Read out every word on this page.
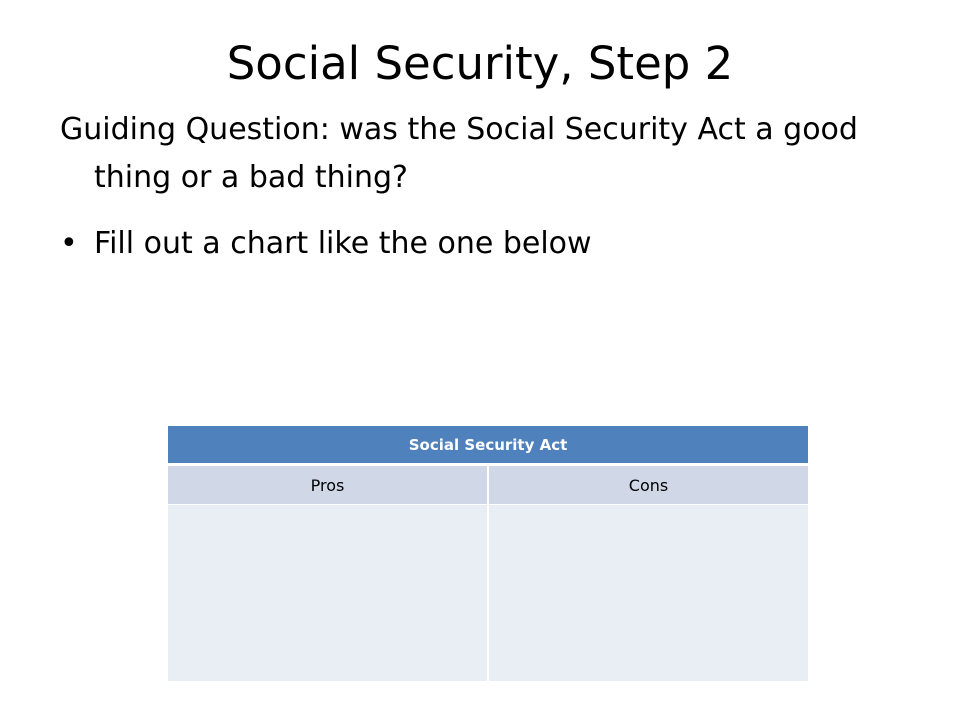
Social Security, Step 2

Guiding Question: was the Social Security Act a good thing or a bad thing?

• Fill out a chart like the one below
Social Security Act	
Pros	Cons
